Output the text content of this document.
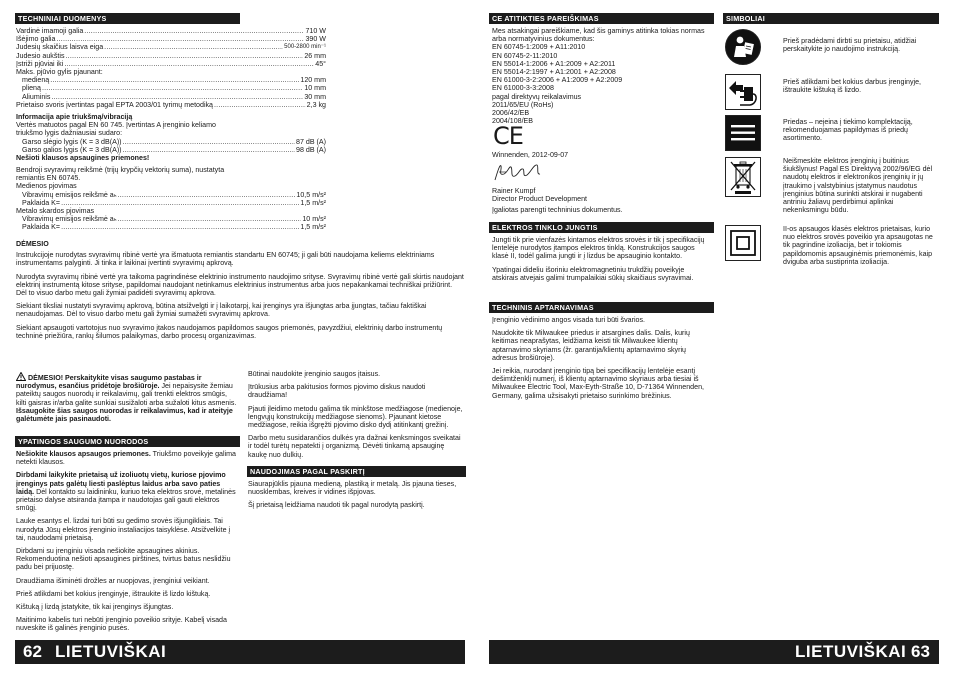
TECHNINIAI DUOMENYS
Vardinė imamoji galia .....	710 W
Išėjimo galia .....	390 W
Judesių skaičius laisva eiga .....	500-2800 min⁻¹
Judesio aukštis .....	26 mm
Įstriži pjūviai iki .....	45°
Maks. pjūvio gylis pjaunant:
medieną .....	120 mm
plieną .....	10 mm
Aliuminis .....	30 mm
Prietaiso svoris įvertintas pagal EPTA 2003/01 tyrimų metodiką .....	2,3 kg
Informacija apie triukšmą/vibraciją
Vertės matuotos pagal EN 60 745. Įvertintas A įrenginio keliamo triukšmo lygis dažniausiai sudaro:
Garso slėgio lygis (K = 3 dB(A)) .....	87 dB (A)
Garso galios lygis (K = 3 dB(A)) .....	98 dB (A)
Nešioti klausos apsaugines priemones!
Bendroji svyravimų reikšmė (trijų krypčių vektorių suma), nustatyta remiantis EN 60745.
Medienos pjovimas
Vibravimų emisijos reikšmė aₕ .....	10,5 m/s²
Paklaida K= .....	1,5 m/s²
Metalo skardos pjovimas
Vibravimų emisijos reikšmė aₕ .....	10 m/s²
Paklaida K= .....	1,5 m/s²

DĖMESIO

Instrukcijoje nurodytas svyravimų ribinė vertė yra išmatuota remiantis standartu EN 60745; ji gali būti naudojama keliems elektriniams instrumentams palyginti. Ji tinka ir laikinai įvertinti svyravimų apkrovą.

Nurodyta svyravimų ribinė vertė yra taikoma pagrindinėse elektrinio instrumento naudojimo srityse. Svyravimų ribinė vertė gali skirtis naudojant elektrinį instrumentą kitose srityse, papildomai naudojant netinkamus elektrinius instrumentus arba juos nepakankamai techniškai prižiūrint. Dėl to visuo darbo metu gali žymiai padidėti svyravimų apkrova.

Siekiant tiksliai nustatyti svyravimų apkrovą, būtina atsižvelgti ir į laikotarpį, kai įrenginys yra išjungtas arba įjungtas, tačiau faktiškai nenaudojamas. Dėl to visuo darbo metu gali žymiai sumažėti svyravimų apkrova.

Siekiant apsaugoti vartotojus nuo svyravimo įtakos naudojamos papildomos saugos priemonės, pavyzdžiui, elektrinių darbo instrumentų techninė priežiūra, rankų šilumos palaikymas, darbo procesų organizavimas.

DĖMESIO! Perskaitykite visas saugumo pastabas ir nurodymus, esančius pridėtoje brošiūroje. Jei nepaisysite žemiau pateiktų saugos nuorodų ir reikalavimų, gali trenkti elektros smūgis, kilti gaisras ir/arba galite sunkiai susižaloti arba sužaloti kitus asmenis. Išsaugokite šias saugos nuorodas ir reikalavimus, kad ir ateityje galėtumėte jais pasinaudoti.
YPATINGOS SAUGUMO NUORODOS

Nešiokite klausos apsaugos priemones. Triukšmo poveikyje galima netekti klausos.

Dirbdami laikykite prietaisą už izoliuotų vietų, kuriose pjovimo įrenginys pats galėtų liesti paslėptus laidus arba savo paties laidą. Dėl kontakto su laidininku, kuriuo teka elektros srovė, metalinės prietaiso dalyse atsiranda įtampa ir naudotojas gali gauti elektros smūgį.

Lauke esantys el. lizdai turi būti su gedimo srovės išjungikliais. Tai nurodyta Jūsų elektros įrenginio instaliacijos taisyklėse. Atsižvelkite į tai, naudodami prietaisą.

Dirbdami su įrenginiu visada nešiokite apsaugines akinius. Rekomenduotina nešioti apsaugines pirštines, tvirtus batus neslidžiu padu bei prijuostę.

Draudžiama išiminėti drožles ar nuopjovas, įrenginiui veikiant.

Prieš atlikdami bet kokius įrenginyje, ištraukite iš lizdo kištuką.

Kištuką į lizdą įstatykite, tik kai įrenginys išjungtas.

Maitinimo kabelis turi nebūti įrenginio poveikio srityje. Kabelį visada nuveskite iš galinės įrenginio pusės.

Būtinai naudokite įrenginio saugos įtaisus.

Įtrūkusius arba pakitusios formos pjovimo diskus naudoti draudžiama!

Pjauti įleidimo metodu galima tik minkštose medžiagose (medienoje, lengvųjų konstrukcijų medžiagose sienoms). Pjaunant kietose medžiagose, reikia išgręžti pjovimo disko dydį atitinkantį grežinį.

Darbo metu susidarančios dulkės yra dažnai kenksmingos sveikatai ir todėl turėtų nepatekti į organizmą. Dėvėti tinkamą apsauginę kaukę nuo dulkių.

NAUDOJIMAS PAGAL PASKIRTĮ

Siaurapjūklis pjauna medieną, plastiką ir metalą. Jis pjauna tieses, nuosklembas, kreives ir vidines išpjovas.

Šį prietaisą leidžiama naudoti tik pagal nurodytą paskirtį.

62 LIETUVIŠKAI
CE ATITIKTIES PAREIŠKIMAS
Mes atsakingai pareiškiame, kad šis gaminys atitinka tokias normas arba normatyvinius dokumentus:
EN 60745-1:2009 + A11:2010
EN 60745-2-11:2010
EN 55014-1:2006 + A1:2009 + A2:2011
EN 55014-2:1997 + A1:2001 + A2:2008
EN 61000-3-2:2006 + A1:2009 + A2:2009
EN 61000-3-3:2008
pagal direktyvų reikalavimus
2011/65/EU (RoHs)
2006/42/EB
2004/108/EB
CE
Winnenden, 2012-09-07
Rainer Kumpf
Director Product Development
Įgaliotas parengti techninius dokumentus.
ELEKTROS TINKLO JUNGTIS

Jungti tik prie vienfazės kintamos elektros srovės ir tik į specifikacijų lentelėje nurodytos įtampos elektros tinklą. Konstrukcijos saugos klasė II, todėl galima jungti ir į lizdus be apsauginio kontakto.

Ypatingai dideliu išoriniu elektromagnetiniu trukdžių poveikyje atskirais atvejais galimi trumpalaikiai sūkių skaičiaus svyravimai.

TECHNINIS APTARNAVIMAS

Įrenginio vėdinimo angos visada turi būti švarios.

Naudokite tik Milwaukee priedus ir atsargines dalis. Dalis, kurių keitimas neaprašytas, leidžiama keisti tik Milwaukee klientų aptarnavimo skyriams (žr. garantija/klientų aptarnavimo skyrių adresus brošiūroje).

Jei reikia, nurodant įrenginio tipą bei specifikacijų lentelėje esantį dešimtženklį numerį, iš klientų aptarnavimo skyriaus arba tiesiai iš Milwaukee Electric Tool, Max-Eyth-Straße 10, D-71364 Winnenden, Germany, galima užsisakyti prietaiso surinkimo brėžinius.

SIMBOLIAI
Prieš pradėdami dirbti su prietaisu, atidžiai perskaitykite jo naudojimo instrukciją.
Prieš atlikdami bet kokius darbus įrenginyje, ištraukite kištuką iš lizdo.
Priedas – neįeina į tiekimo komplektaciją, rekomenduojamas papildymas iš priedų asortimento.
Neišmeskite elektros įrenginių į buitinius šiukšlynus! Pagal ES Direktyvą 2002/96/EG dėl naudotų elektros ir elektronikos įrenginių ir jų įtraukimo į valstybinius įstatymus naudotus įrenginius būtina surinkti atskirai ir nugabenti antriniu žaliavų perdirbimui aplinkai nekenksmingu būdu.
II-os apsaugos klasės elektros prietaisas, kurio nuo elektros srovės poveikio yra apsaugotas ne tik pagrindine izoliacija, bet ir tokiomis papildomomis apsauginėmis priemonėmis, kaip dviguba arba sustiprinta izoliacija.
LIETUVIŠKAI 63
